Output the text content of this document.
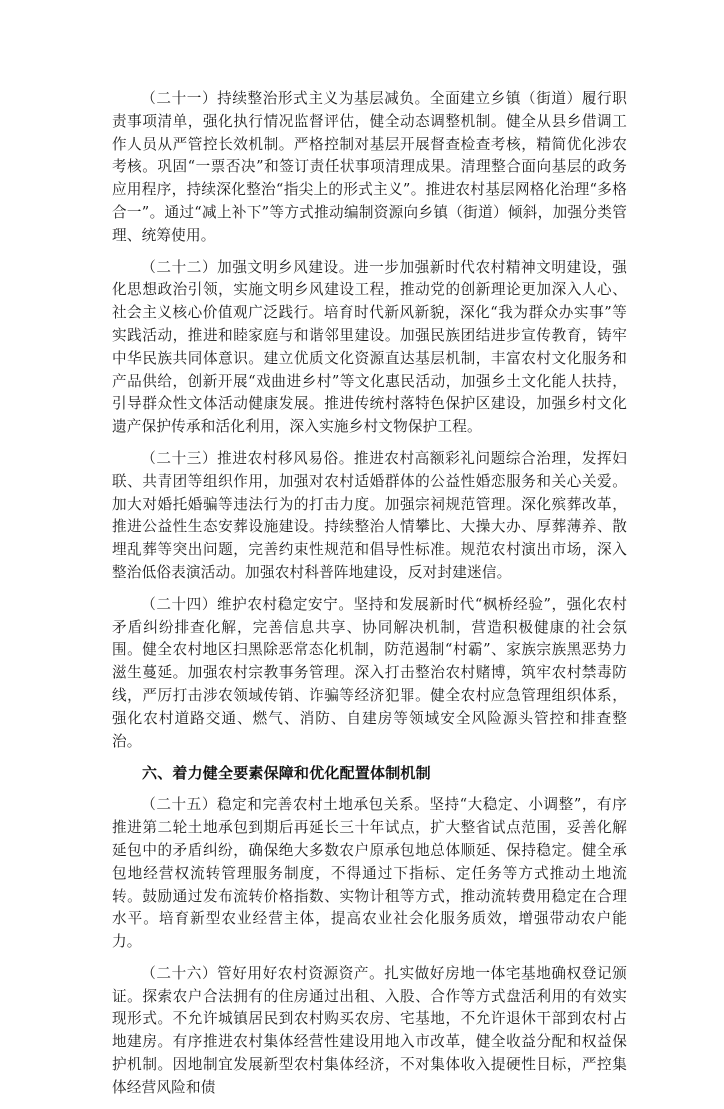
（二十一）持续整治形式主义为基层减负。全面建立乡镇（街道）履行职责事项清单，强化执行情况监督评估，健全动态调整机制。健全从县乡借调工作人员从严管控长效机制。严格控制对基层开展督查检查考核，精简优化涉农考核。巩固“一票否决”和签订责任状事项清理成果。清理整合面向基层的政务应用程序，持续深化整治“指尖上的形式主义”。推进农村基层网格化治理“多格合一”。通过“减上补下”等方式推动编制资源向乡镇（街道）倾斜，加强分类管理、统筹使用。

（二十二）加强文明乡风建设。进一步加强新时代农村精神文明建设，强化思想政治引领，实施文明乡风建设工程，推动党的创新理论更加深入人心、社会主义核心价值观广泛践行。培育时代新风新貌，深化“我为群众办实事”等实践活动，推进和睦家庭与和谐邻里建设。加强民族团结进步宣传教育，铸牢中华民族共同体意识。建立优质文化资源直达基层机制，丰富农村文化服务和产品供给，创新开展“戏曲进乡村”等文化惠民活动，加强乡土文化能人扶持，引导群众性文体活动健康发展。推进传统村落特色保护区建设，加强乡村文化遗产保护传承和活化利用，深入实施乡村文物保护工程。

（二十三）推进农村移风易俗。推进农村高额彩礼问题综合治理，发挥妇联、共青团等组织作用，加强对农村适婚群体的公益性婚恋服务和关心关爱。加大对婚托婚骗等违法行为的打击力度。加强宗祠规范管理。深化殡葬改革，推进公益性生态安葬设施建设。持续整治人情攀比、大操大办、厚葬薄养、散埋乱葬等突出问题，完善约束性规范和倡导性标准。规范农村演出市场，深入整治低俗表演活动。加强农村科普阵地建设，反对封建迷信。

（二十四）维护农村稳定安宁。坚持和发展新时代“枫桥经验”，强化农村矛盾纠纷排查化解，完善信息共享、协同解决机制，营造积极健康的社会氛围。健全农村地区扫黑除恶常态化机制，防范遏制“村霸”、家族宗族黑恶势力滋生蔓延。加强农村宗教事务管理。深入打击整治农村赌博，筑牢农村禁毒防线，严厉打击涉农领域传销、诈骗等经济犯罪。健全农村应急管理组织体系，强化农村道路交通、燃气、消防、自建房等领域安全风险源头管控和排查整治。

六、着力健全要素保障和优化配置体制机制

（二十五）稳定和完善农村土地承包关系。坚持“大稳定、小调整”，有序推进第二轮土地承包到期后再延长三十年试点，扩大整省试点范围，妥善化解延包中的矛盾纠纷，确保绝大多数农户原承包地总体顺延、保持稳定。健全承包地经营权流转管理服务制度，不得通过下指标、定任务等方式推动土地流转。鼓励通过发布流转价格指数、实物计租等方式，推动流转费用稳定在合理水平。培育新型农业经营主体，提高农业社会化服务质效，增强带动农户能力。

（二十六）管好用好农村资源资产。扎实做好房地一体宅基地确权登记颁证。探索农户合法拥有的住房通过出租、入股、合作等方式盘活利用的有效实现形式。不允许城镇居民到农村购买农房、宅基地，不允许退休干部到农村占地建房。有序推进农村集体经营性建设用地入市改革，健全收益分配和权益保护机制。因地制宜发展新型农村集体经济，不对集体收入提硬性目标，严控集体经营风险和债
